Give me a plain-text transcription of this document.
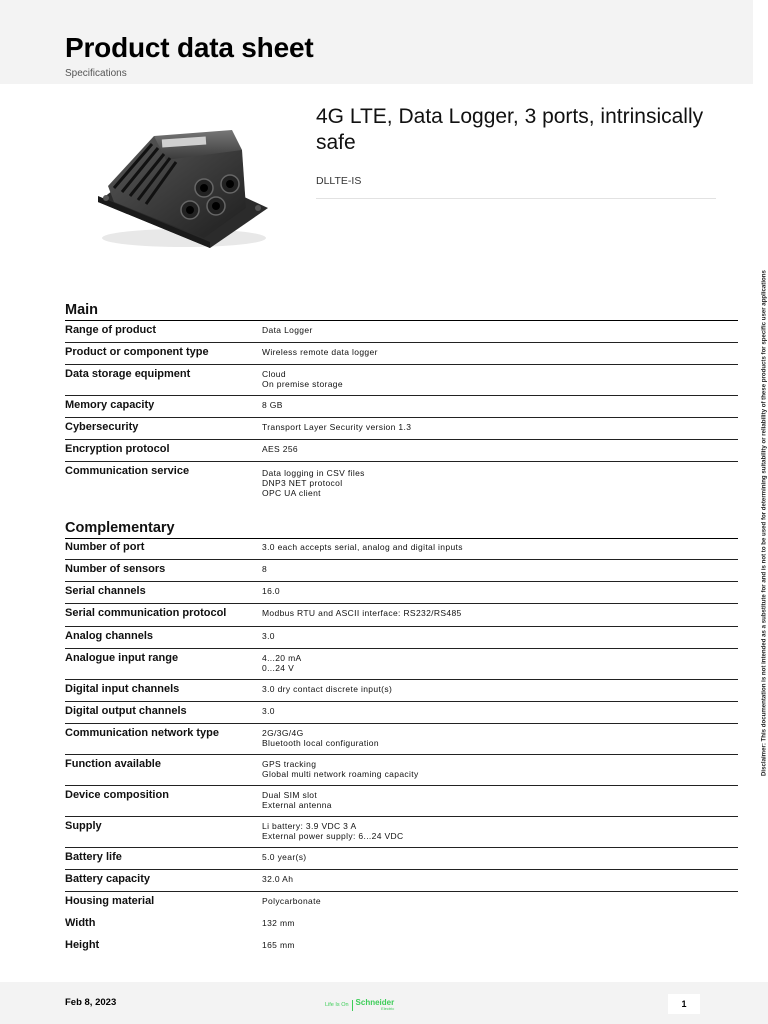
Product data sheet
Specifications
4G LTE, Data Logger, 3 ports, intrinsically safe
DLLTE-IS
Main
Range of product	Data Logger
Product or component type	Wireless remote data logger
Data storage equipment	Cloud
On premise storage
Memory capacity	8 GB
Cybersecurity	Transport Layer Security version 1.3
Encryption protocol	AES 256
Communication service	Data logging in CSV files
DNP3 NET protocol
OPC UA client
Complementary
Number of port	3.0 each accepts serial, analog and digital inputs
Number of sensors	8
Serial channels	16.0
Serial communication protocol	Modbus RTU and ASCII interface: RS232/RS485
Analog channels	3.0
Analogue input range	4...20 mA
0...24 V
Digital input channels	3.0 dry contact discrete input(s)
Digital output channels	3.0
Communication network type	2G/3G/4G
Bluetooth local configuration
Function available	GPS tracking
Global multi network roaming capacity
Device composition	Dual SIM slot
External antenna
Supply	Li battery: 3.9 VDC 3 A
External power supply: 6...24 VDC
Battery life	5.0 year(s)
Battery capacity	32.0 Ah
Housing material	Polycarbonate
Width	132 mm
Height	165 mm
Disclaimer: This documentation is not intended as a substitute for and is not to be used for determining suitability or reliability of these products for specific user applications
Feb 8, 2023	Life Is On Schneider
Electric	1
